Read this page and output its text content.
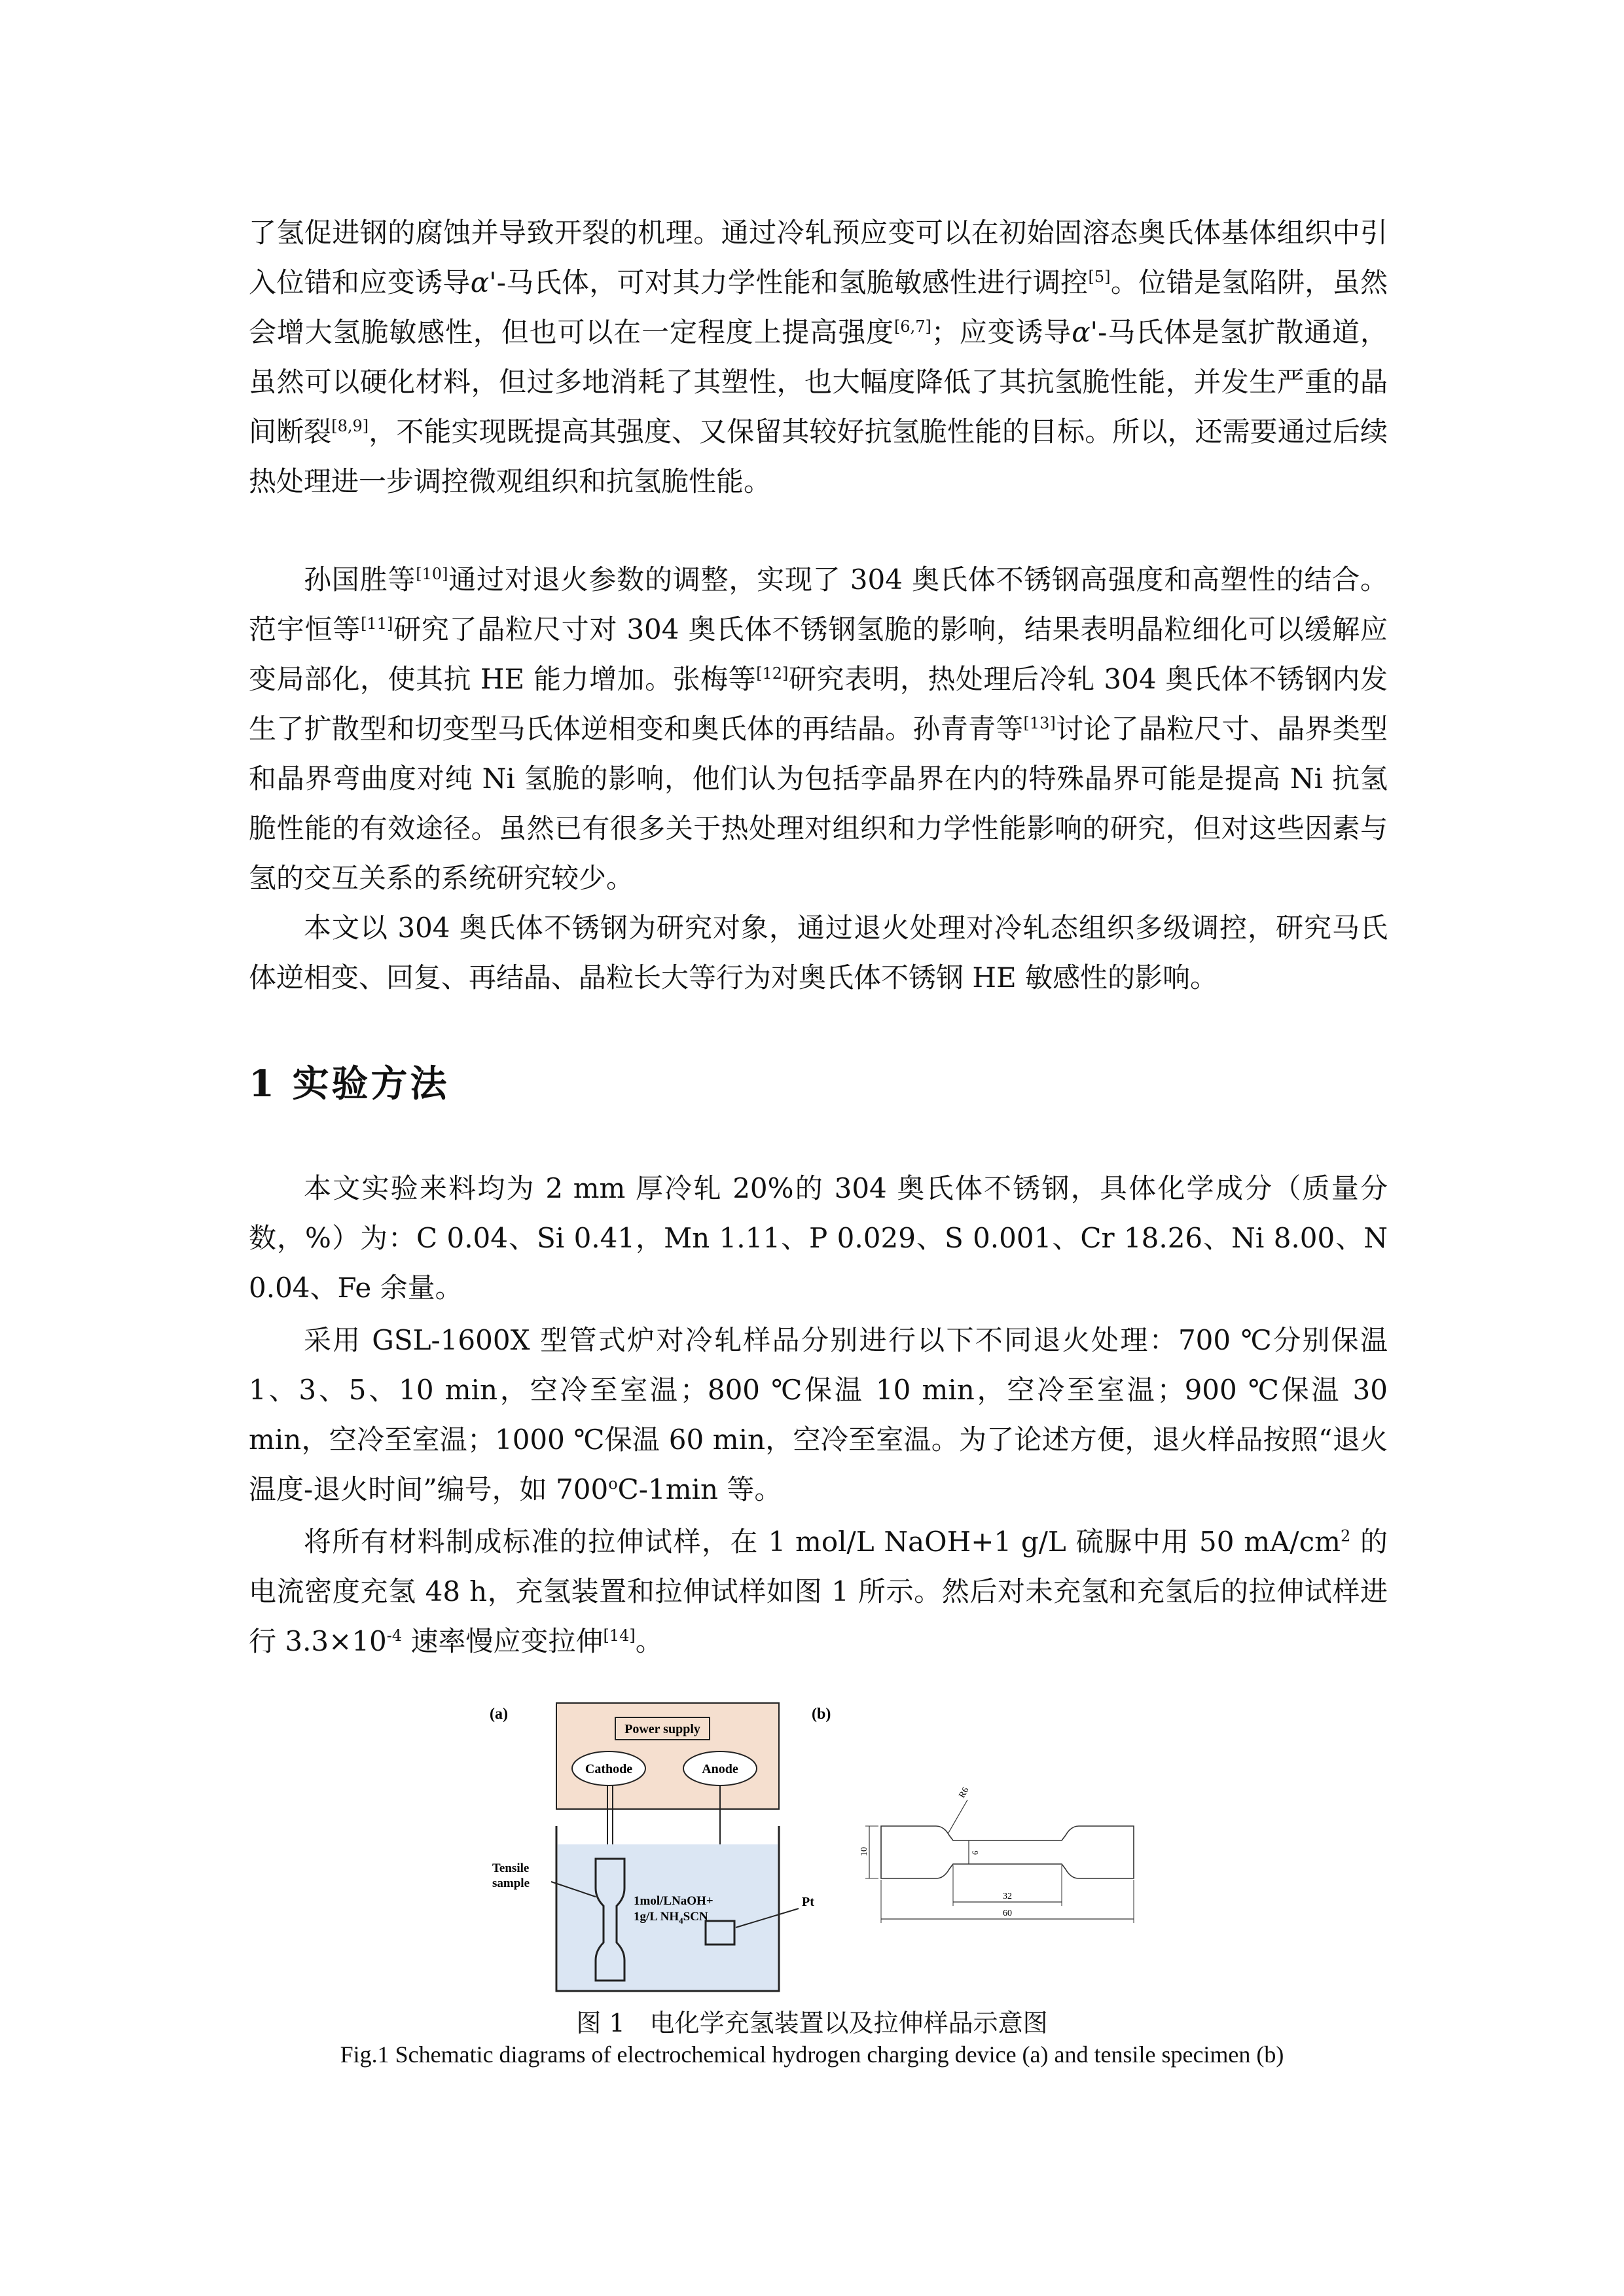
了氢促进钢的腐蚀并导致开裂的机理。通过冷轧预应变可以在初始固溶态奥氏体基体组织中引入位错和应变诱导α'-马氏体，可对其力学性能和氢脆敏感性进行调控[5]。位错是氢陷阱，虽然会增大氢脆敏感性，但也可以在一定程度上提高强度[6,7]；应变诱导α'-马氏体是氢扩散通道，虽然可以硬化材料，但过多地消耗了其塑性，也大幅度降低了其抗氢脆性能，并发生严重的晶间断裂[8,9]，不能实现既提高其强度、又保留其较好抗氢脆性能的目标。所以，还需要通过后续热处理进一步调控微观组织和抗氢脆性能。

孙国胜等[10]通过对退火参数的调整，实现了 304 奥氏体不锈钢高强度和高塑性的结合。范宇恒等[11]研究了晶粒尺寸对 304 奥氏体不锈钢氢脆的影响，结果表明晶粒细化可以缓解应变局部化，使其抗 HE 能力增加。张梅等[12]研究表明，热处理后冷轧 304 奥氏体不锈钢内发生了扩散型和切变型马氏体逆相变和奥氏体的再结晶。孙青青等[13]讨论了晶粒尺寸、晶界类型和晶界弯曲度对纯 Ni 氢脆的影响，他们认为包括孪晶界在内的特殊晶界可能是提高 Ni 抗氢脆性能的有效途径。虽然已有很多关于热处理对组织和力学性能影响的研究，但对这些因素与氢的交互关系的系统研究较少。

本文以 304 奥氏体不锈钢为研究对象，通过退火处理对冷轧态组织多级调控，研究马氏体逆相变、回复、再结晶、晶粒长大等行为对奥氏体不锈钢 HE 敏感性的影响。

1 实验方法

本文实验来料均为 2 mm 厚冷轧 20%的 304 奥氏体不锈钢，具体化学成分（质量分数，%）为：C 0.04、Si 0.41，Mn 1.11、P 0.029、S 0.001、Cr 18.26、Ni 8.00、N 0.04、Fe 余量。

采用 GSL-1600X 型管式炉对冷轧样品分别进行以下不同退火处理：700 ℃分别保温 1、3、5、10 min，空冷至室温；800 ℃保温 10 min，空冷至室温；900 ℃保温 30 min，空冷至室温；1000 ℃保温 60 min，空冷至室温。为了论述方便，退火样品按照“退火温度-退火时间”编号，如 700$^o$C-1min 等。

将所有材料制成标准的拉伸试样，在 1 mol/L NaOH+1 g/L 硫脲中用 50 $mA/cm^2$ 的电流密度充氢 48 h，充氢装置和拉伸试样如图 1 所示。然后对未充氢和充氢后的拉伸试样进行 $3.3\times 10^{-4}$ 速率慢应变拉伸[14]。

(a)
Power supply
Cathode	Anode
Tensile
sample
1mol/LNaOH+
1g/L $NH_4SCN$
Pt
(b)
R6
10	6
32
60
图 1　电化学充氢装置以及拉伸样品示意图
Fig.1 Schematic diagrams of electrochemical hydrogen charging device (a) and tensile specimen (b)
